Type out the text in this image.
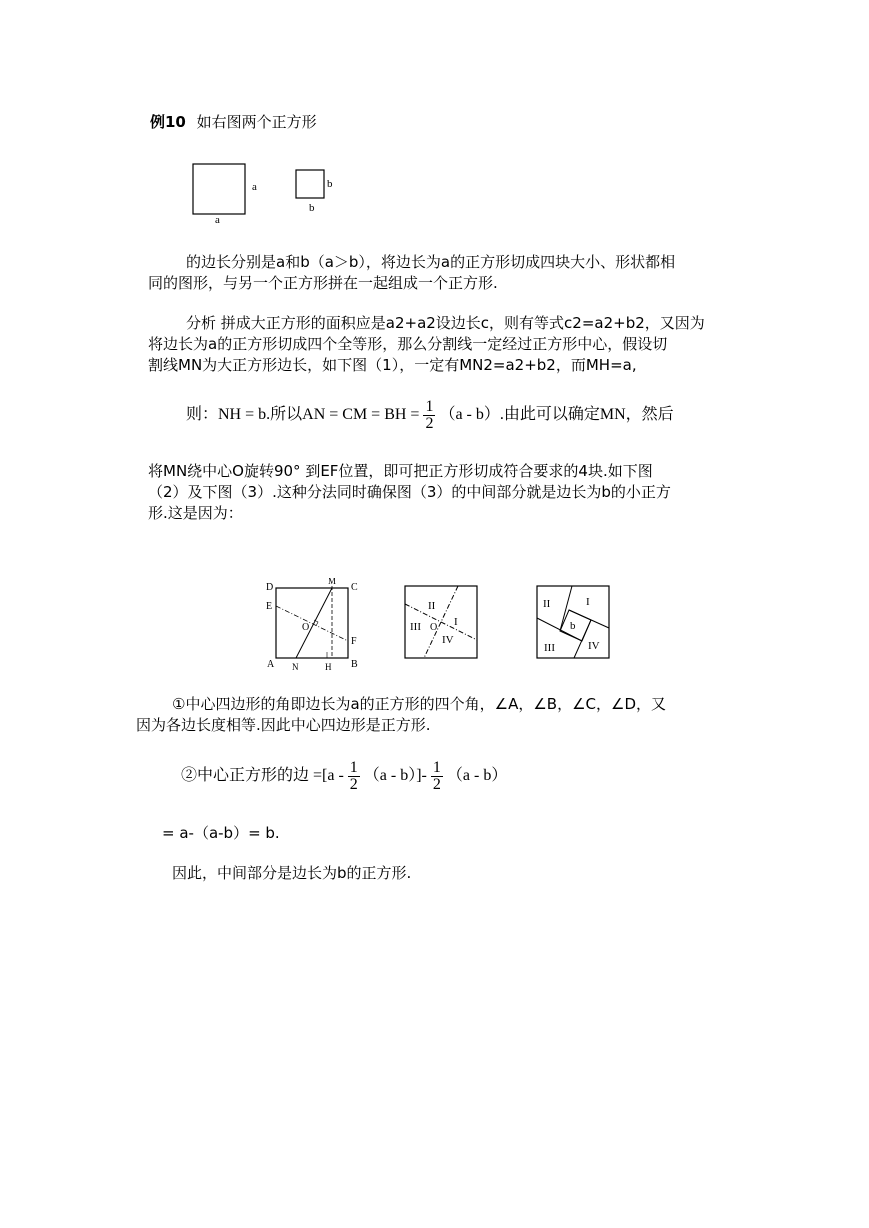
例10 如右图两个正方形
a
a
b
b
的边长分别是a和b（a＞b），将边长为a的正方形切成四块大小、形状都相
同的图形，与另一个正方形拼在一起组成一个正方形.
分析 拼成大正方形的面积应是a2+a2设边长c，则有等式c2=a2+b2，又因为
将边长为a的正方形切成四个全等形，那么分割线一定经过正方形中心，假设切
割线MN为大正方形边长，如下图（1），一定有MN2=a2+b2，而MH=a,
则：NH = b.所以AN = CM = BH = $\frac{1}{2} (a - b)$.由此可以确定MN，然后
将MN绕中心O旋转90° 到EF位置，即可把正方形切成符合要求的4块.如下图
（2）及下图（3）.这种分法同时确保图（3）的中间部分就是边长为b的小正方
形.这是因为：
D
M
C
E
O
F
A N	H B
II
III O I
IV
II	I
b
III	IV
①中心四边形的角即边长为a的正方形的四个角，∠A，∠B，∠C，∠D，又
因为各边长度相等.因此中心四边形是正方形.
②中心正方形的边 $=[a - \frac{1}{2} (a - b)]- \frac{1}{2} (a - b)$
= a-（a-b）= b.
因此，中间部分是边长为b的正方形.
